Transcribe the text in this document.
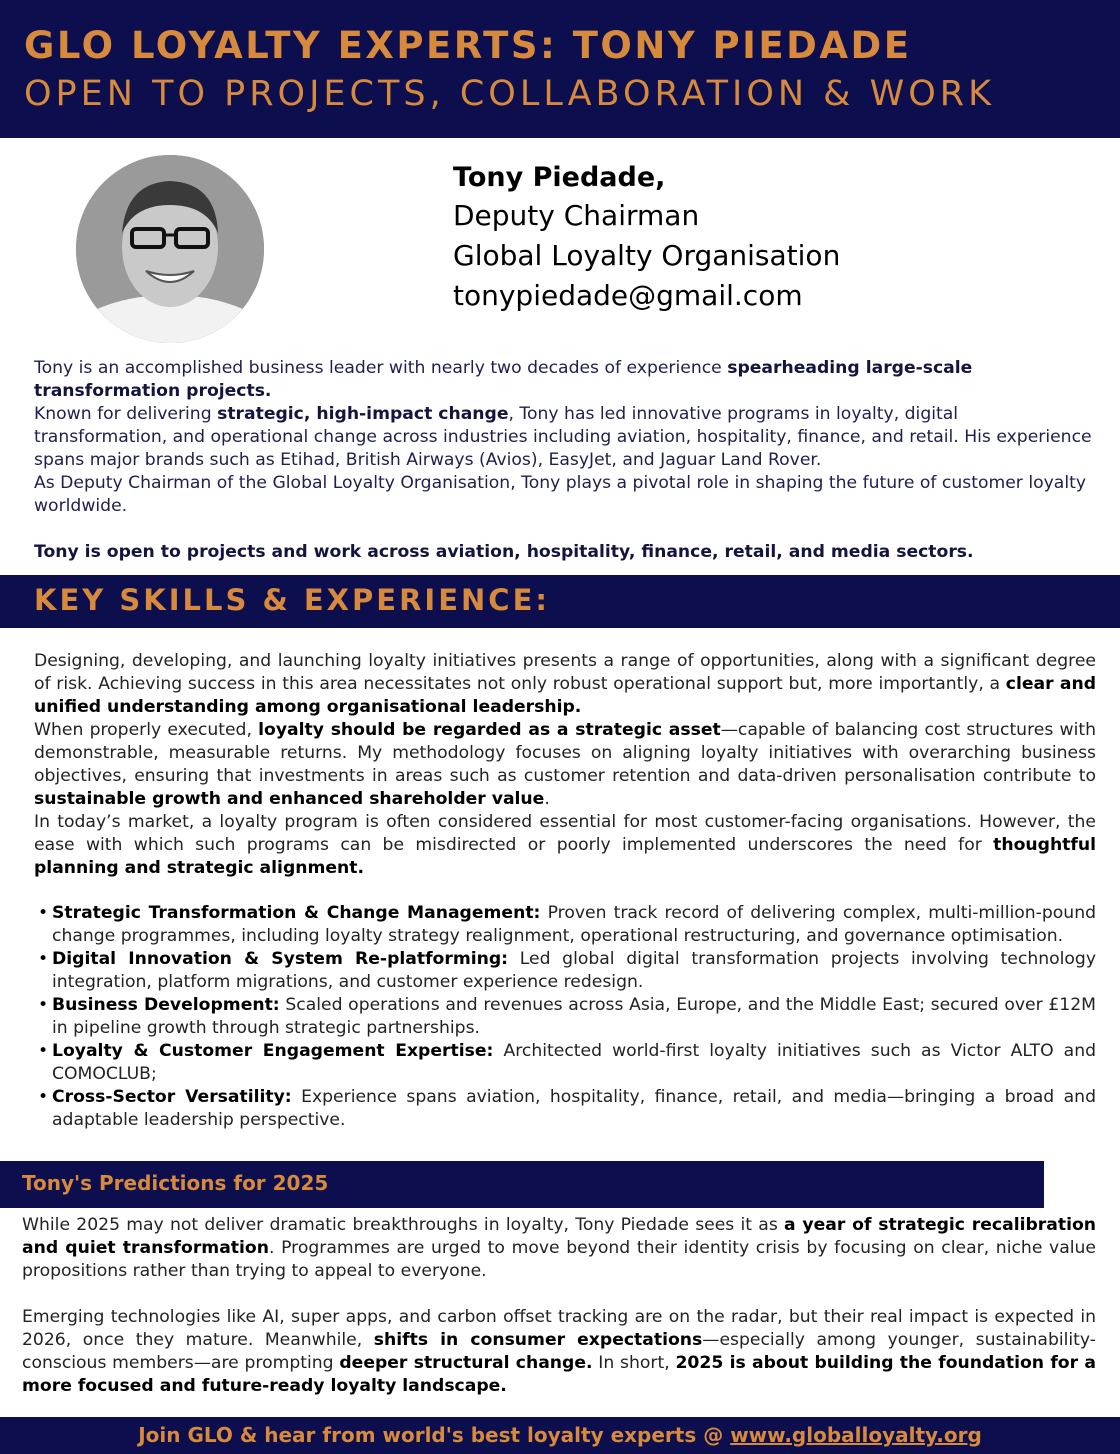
GLO LOYALTY EXPERTS: TONY PIEDADE
OPEN TO PROJECTS, COLLABORATION & WORK
Tony Piedade,
Deputy Chairman
Global Loyalty Organisation
tonypiedade@gmail.com

Tony is an accomplished business leader with nearly two decades of experience spearheading large-scale transformation projects.

Known for delivering strategic, high-impact change, Tony has led innovative programs in loyalty, digital transformation, and operational change across industries including aviation, hospitality, finance, and retail. His experience spans major brands such as Etihad, British Airways (Avios), EasyJet, and Jaguar Land Rover.

As Deputy Chairman of the Global Loyalty Organisation, Tony plays a pivotal role in shaping the future of customer loyalty worldwide.

Tony is open to projects and work across aviation, hospitality, finance, retail, and media sectors.

KEY SKILLS & EXPERIENCE:

Designing, developing, and launching loyalty initiatives presents a range of opportunities, along with a significant degree of risk. Achieving success in this area necessitates not only robust operational support but, more importantly, a clear and unified understanding among organisational leadership.

When properly executed, loyalty should be regarded as a strategic asset—capable of balancing cost structures with demonstrable, measurable returns. My methodology focuses on aligning loyalty initiatives with overarching business objectives, ensuring that investments in areas such as customer retention and data-driven personalisation contribute to sustainable growth and enhanced shareholder value.

In today’s market, a loyalty program is often considered essential for most customer-facing organisations. However, the ease with which such programs can be misdirected or poorly implemented underscores the need for thoughtful planning and strategic alignment.

• Strategic Transformation & Change Management: Proven track record of delivering complex, multi-million-pound change programmes, including loyalty strategy realignment, operational restructuring, and governance optimisation.
• Digital Innovation & System Re-platforming: Led global digital transformation projects involving technology integration, platform migrations, and customer experience redesign.
• Business Development: Scaled operations and revenues across Asia, Europe, and the Middle East; secured over £12M in pipeline growth through strategic partnerships.
• Loyalty & Customer Engagement Expertise: Architected world-first loyalty initiatives such as Victor ALTO and COMOCLUB;
• Cross-Sector Versatility: Experience spans aviation, hospitality, finance, retail, and media—bringing a broad and adaptable leadership perspective.
Tony's Predictions for 2025

While 2025 may not deliver dramatic breakthroughs in loyalty, Tony Piedade sees it as a year of strategic recalibration and quiet transformation. Programmes are urged to move beyond their identity crisis by focusing on clear, niche value propositions rather than trying to appeal to everyone.

Emerging technologies like AI, super apps, and carbon offset tracking are on the radar, but their real impact is expected in 2026, once they mature. Meanwhile, shifts in consumer expectations—especially among younger, sustainability-conscious members—are prompting deeper structural change. In short, 2025 is about building the foundation for a more focused and future-ready loyalty landscape.

Join GLO & hear from world's best loyalty experts @ www.globalloyalty.org
